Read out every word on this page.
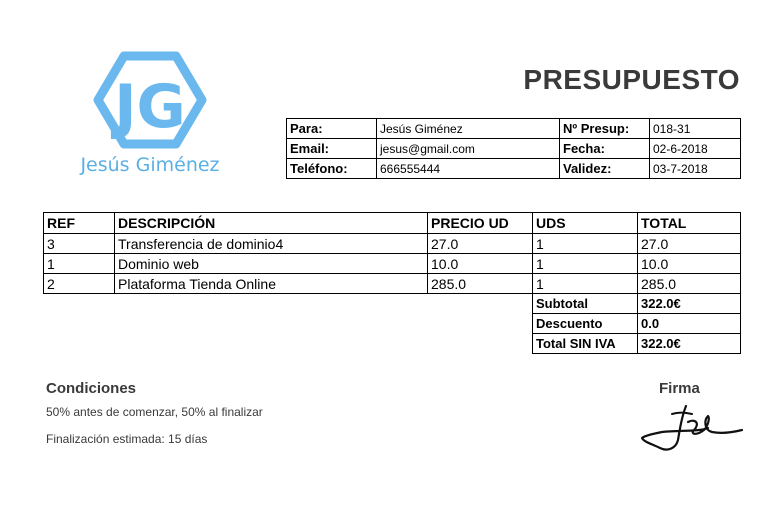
JG
Jesús Giménez
PRESUPUESTO
Para:	Jesús Giménez	Nº Presup:	018-31
Email:	jesus@gmail.com	Fecha:	02-6-2018
Teléfono:	666555444	Validez:	03-7-2018
REF	DESCRIPCIÓN	PRECIO UD	UDS	TOTAL
3	Transferencia de dominio4	27.0	1	27.0
1	Dominio web	10.0	1	10.0
2	Plataforma Tienda Online	285.0	1	285.0
			Subtotal	322.0€
			Descuento	0.0
			Total SIN IVA	322.0€
Condiciones
50% antes de comenzar, 50% al finalizar
Finalización estimada: 15 días
Firma
